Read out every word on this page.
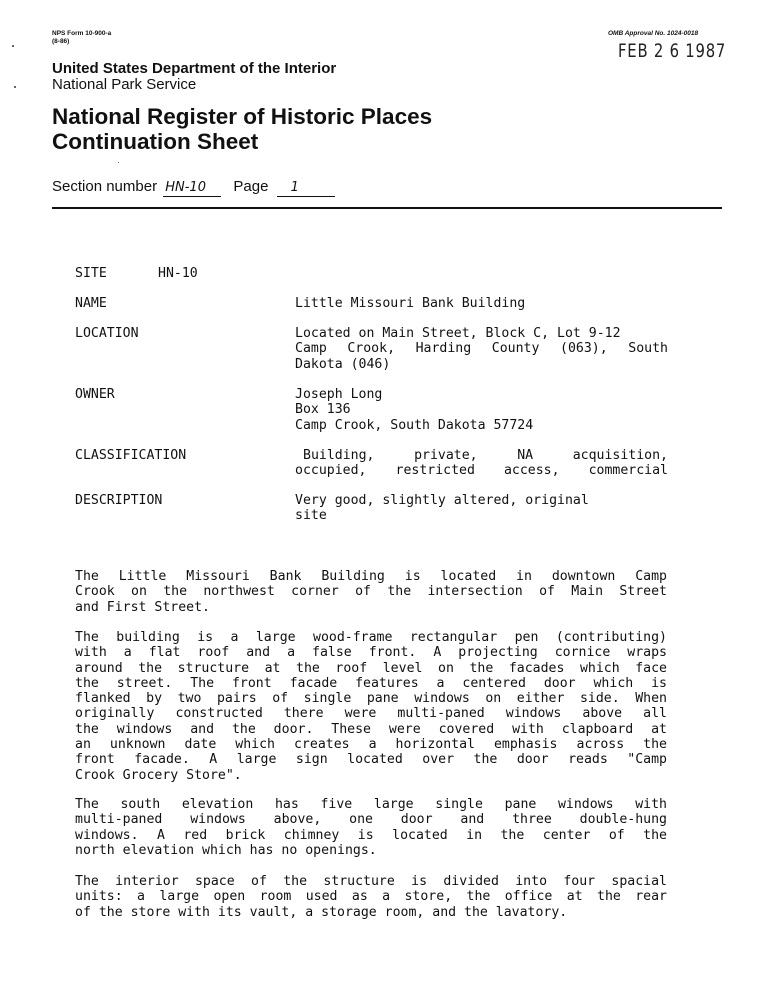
NPS Form 10-900-a
(8-86)
OMB Approval No. 1024-0018
FEB 2 6 1987
United States Department of the Interior
National Park Service
National Register of Historic Places
Continuation Sheet
Section number HN-10 Page 1
SITE	HN-10
NAME	Little Missouri Bank Building
LOCATION	Located on Main Street, Block C, Lot 9-12
Camp Crook, Harding County (063), South
Dakota (046)
OWNER	Joseph Long
Box 136
Camp Crook, South Dakota 57724
CLASSIFICATION	Building, private, NA acquisition,
occupied, restricted access, commercial
DESCRIPTION	Very good, slightly altered, original
site
The Little Missouri Bank Building is located in downtown Camp
Crook on the northwest corner of the intersection of Main Street
and First Street.
The building is a large wood-frame rectangular pen (contributing)
with a flat roof and a false front. A projecting cornice wraps
around the structure at the roof level on the facades which face
the street. The front facade features a centered door which is
flanked by two pairs of single pane windows on either side. When
originally constructed there were multi-paned windows above all
the windows and the door. These were covered with clapboard at
an unknown date which creates a horizontal emphasis across the
front facade. A large sign located over the door reads "Camp
Crook Grocery Store".
The south elevation has five large single pane windows with
multi-paned windows above, one door and three double-hung
windows. A red brick chimney is located in the center of the
north elevation which has no openings.
The interior space of the structure is divided into four spacial
units: a large open room used as a store, the office at the rear
of the store with its vault, a storage room, and the lavatory.
